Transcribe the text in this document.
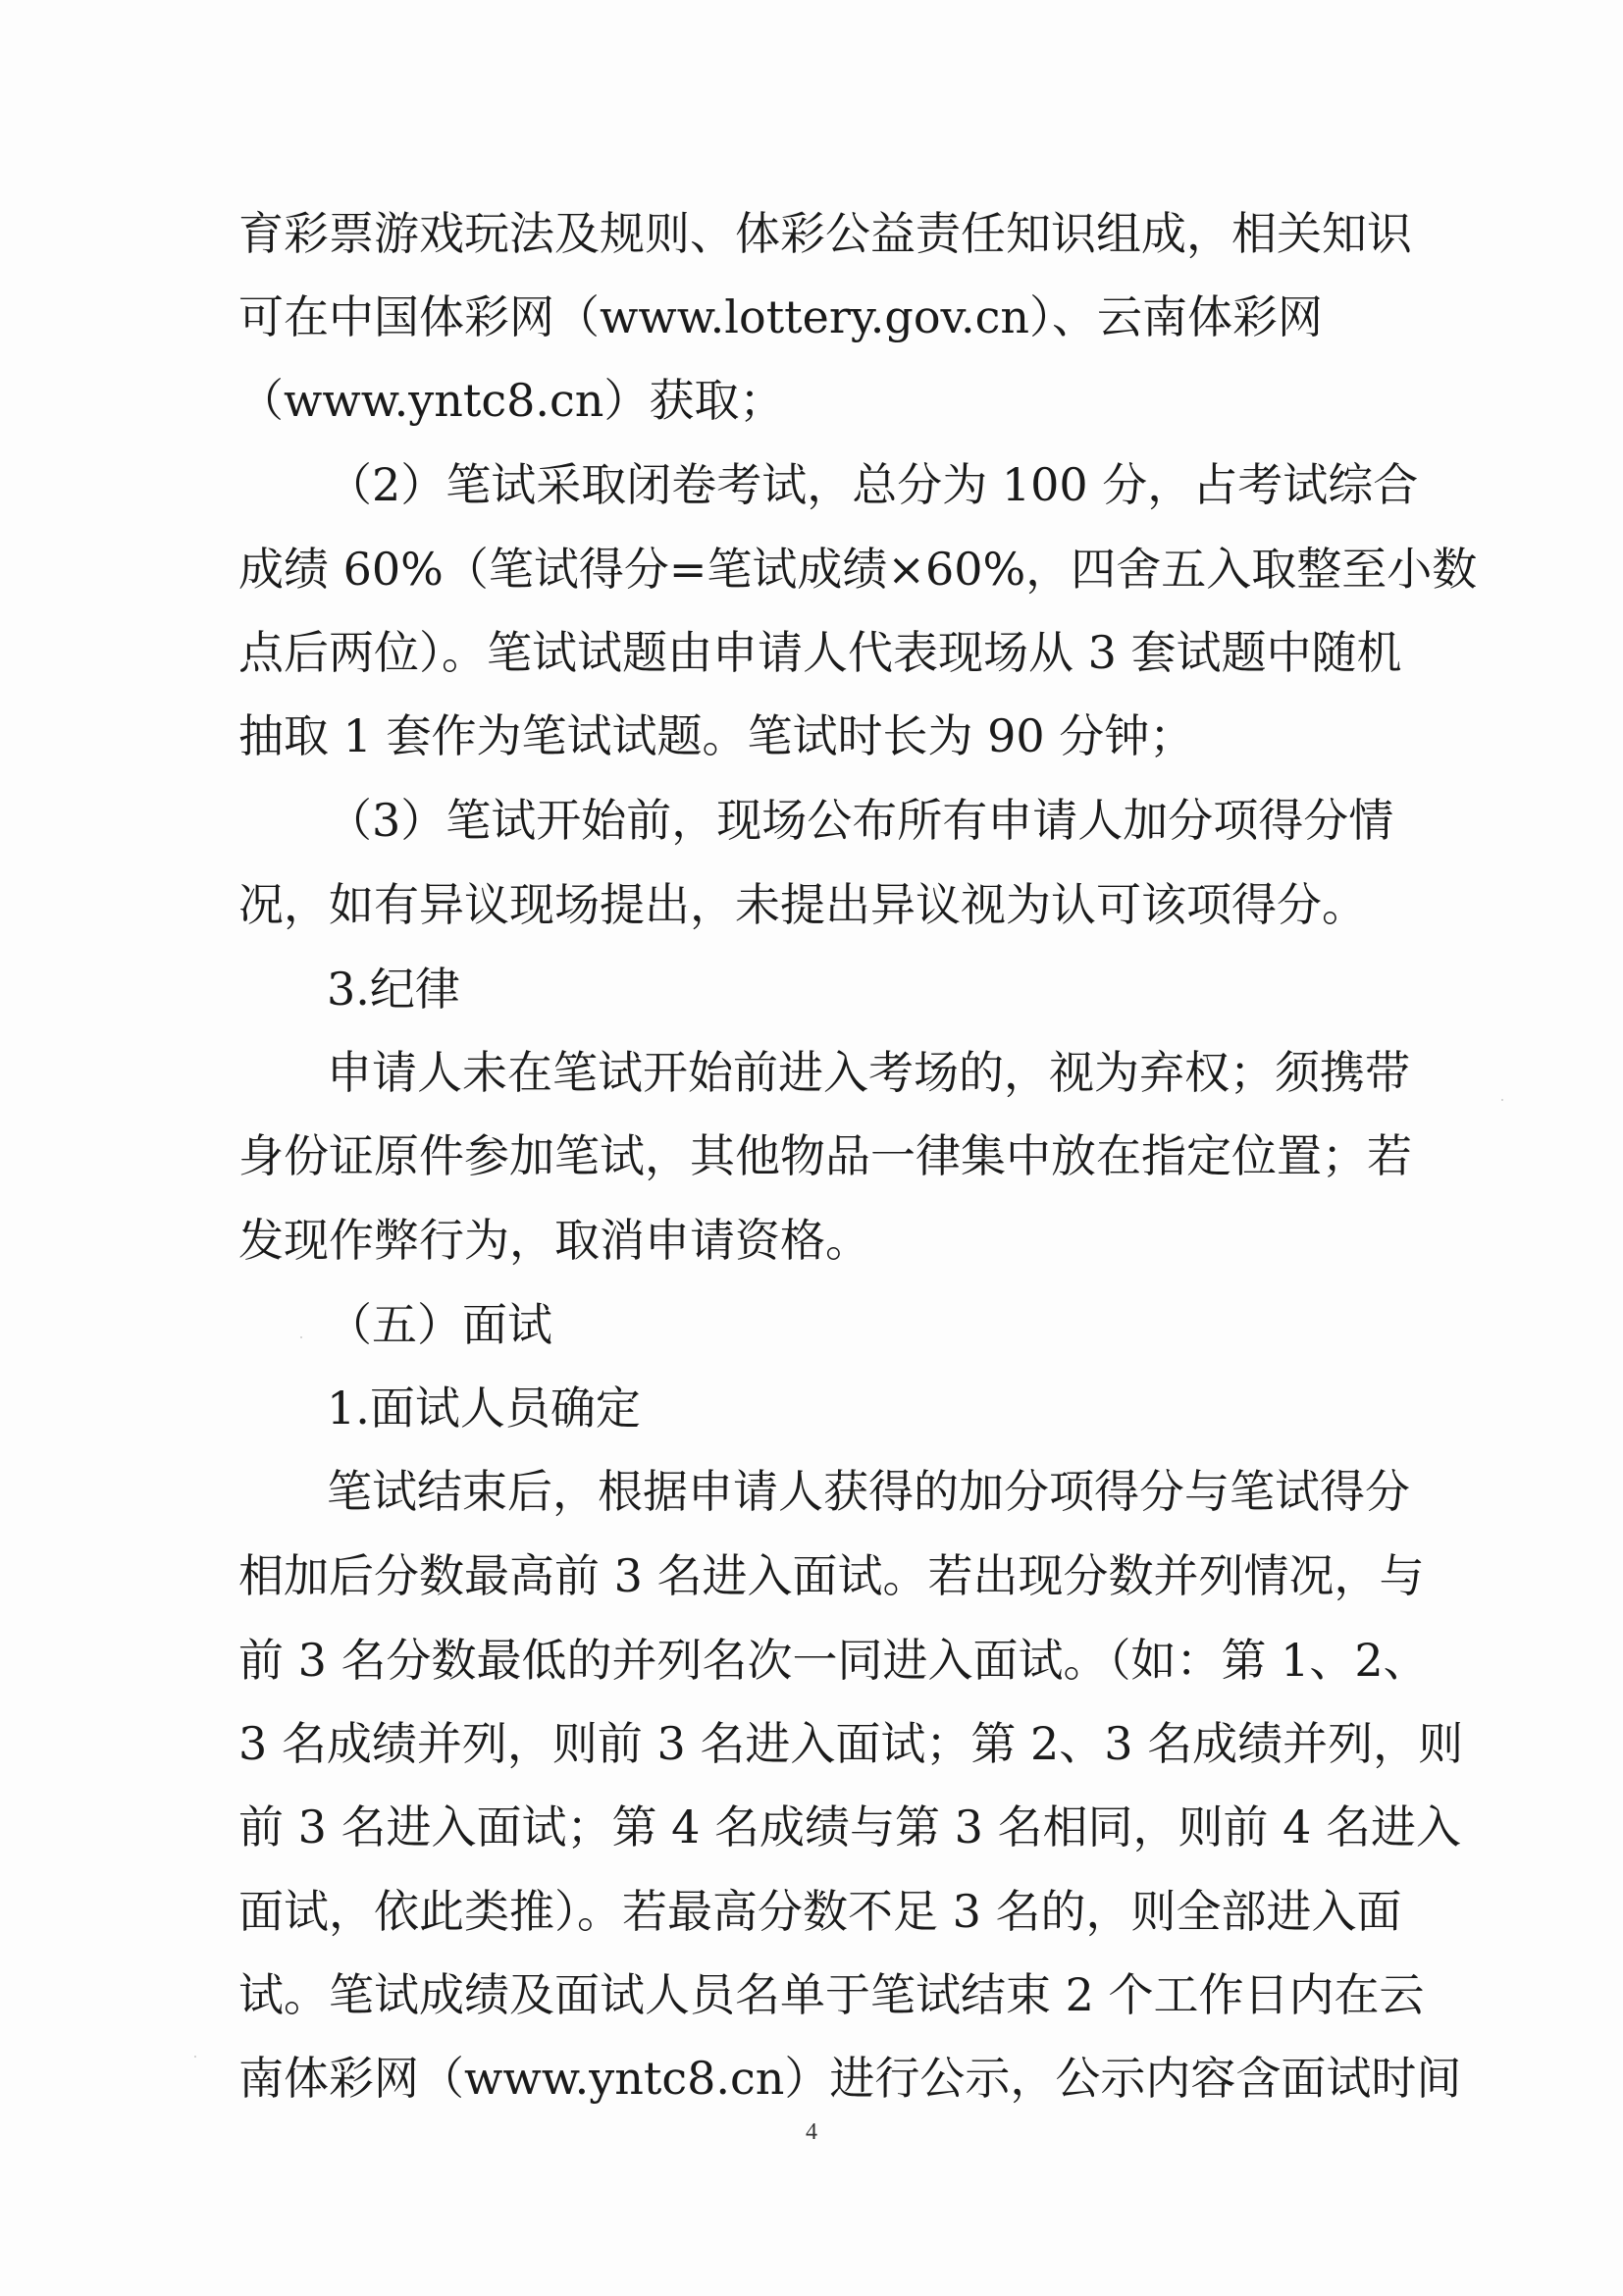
育彩票游戏玩法及规则、体彩公益责任知识组成，相关知识
可在中国体彩网（www.lottery.gov.cn）、云南体彩网
（www.yntc8.cn）获取；
（2）笔试采取闭卷考试，总分为 100 分，占考试综合
成绩 60%（笔试得分=笔试成绩×60%，四舍五入取整至小数
点后两位）。笔试试题由申请人代表现场从 3 套试题中随机
抽取 1 套作为笔试试题。笔试时长为 90 分钟；
（3）笔试开始前，现场公布所有申请人加分项得分情
况，如有异议现场提出，未提出异议视为认可该项得分。
3.纪律
申请人未在笔试开始前进入考场的，视为弃权；须携带
身份证原件参加笔试，其他物品一律集中放在指定位置；若
发现作弊行为，取消申请资格。
（五）面试
1.面试人员确定
笔试结束后，根据申请人获得的加分项得分与笔试得分
相加后分数最高前 3 名进入面试。若出现分数并列情况，与
前 3 名分数最低的并列名次一同进入面试。（如：第 1、2、
3 名成绩并列，则前 3 名进入面试；第 2、3 名成绩并列，则
前 3 名进入面试；第 4 名成绩与第 3 名相同，则前 4 名进入
面试，依此类推）。若最高分数不足 3 名的，则全部进入面
试。笔试成绩及面试人员名单于笔试结束 2 个工作日内在云
南体彩网（www.yntc8.cn）进行公示，公示内容含面试时间
4
